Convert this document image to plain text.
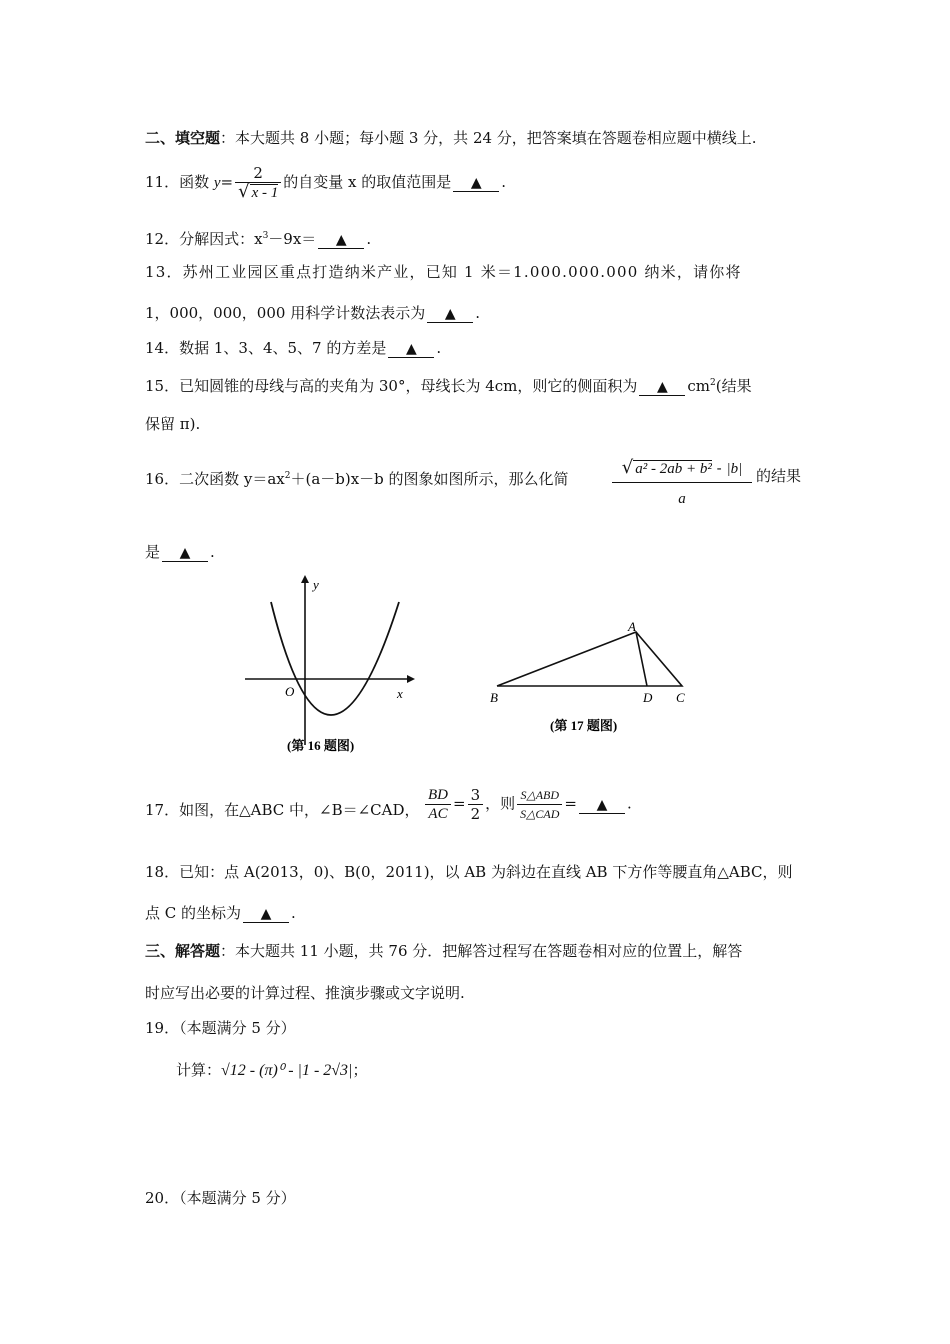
二、填空题：本大题共 8 小题；每小题 3 分，共 24 分，把答案填在答题卷相应题中横线上.
11．函数 $y= \frac{2}{√ x - 1}$ 的自变量 x 的取值范围是 ▲ .
12．分解因式：$x^3-9x=$ ▲ .
13．苏州工业园区重点打造纳米产业，已知 1 米＝1.000.000.000 纳米，请你将
1，000，000，000 用科学计数法表示为 ▲ .
14．数据 1、3、4、5、7 的方差是 ▲ .
15．已知圆锥的母线与高的夹角为 30°，母线长为 4cm，则它的侧面积为 ▲ $cm^2$(结果
保留 π).
16．二次函数 $y=ax^2+(a-b)x-b$ 的图象如图所示，那么化简
√ a² - 2ab + b² - |b|
a
的结果
是 ▲ .
y
x
O
(第 16 题图)
A
B	D C
(第 17 题图)
17．如图，在△ABC 中，∠B＝∠CAD， $\frac{BD}{AC} = \frac{3}{2}$ ，则 $\frac{\text{S△ABD}}{\text{S△CAD}}$ = ▲ .
18．已知：点 A(2013，0)、B(0，2011)，以 AB 为斜边在直线 AB 下方作等腰直角△ABC，则
点 C 的坐标为 ▲ .
三、解答题：本大题共 11 小题，共 76 分．把解答过程写在答题卷相对应的位置上，解答
时应写出必要的计算过程、推演步骤或文字说明.
19．（本题满分 5 分）
计算：√12 - (π)⁰ - |1 - 2√3|；
20．（本题满分 5 分）
